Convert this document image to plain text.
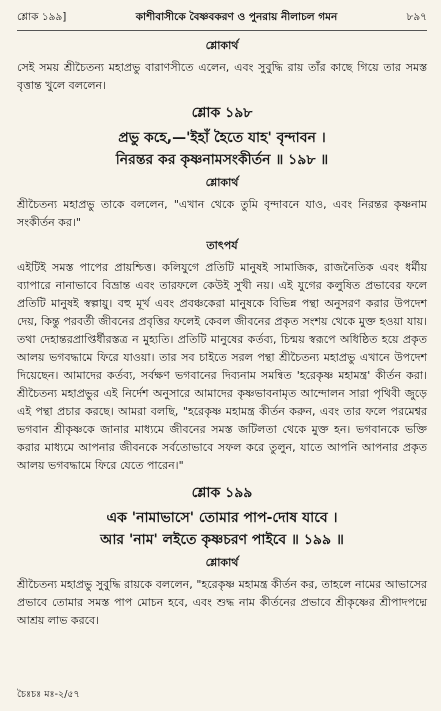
শ্লোক ১৯৯]	কাশীবাসীকে বৈষ্ণবকরণ ও পুনরায় নীলাচল গমন	৮৯৭
শ্লোকার্থ

সেই সময় শ্রীচৈতন্য মহাপ্রভু বারাণসীতে এলেন, এবং সুবুদ্ধি রায় তাঁর কাছে গিয়ে তার সমস্ত বৃত্তান্ত খুলে বললেন।

শ্লোক ১৯৮
প্রভু কহে,—'ইহাঁ হৈতে যাহ' বৃন্দাবন ।
নিরন্তর কর কৃষ্ণনামসংকীর্তন ॥ ১৯৮ ॥
শ্লোকার্থ

শ্রীচৈতন্য মহাপ্রভু তাকে বললেন, "এখান থেকে তুমি বৃন্দাবনে যাও, এবং নিরন্তর কৃষ্ণনাম সংকীর্তন কর।"

তাৎপর্য

এইটিই সমস্ত পাপের প্রায়শ্চিত্ত। কলিযুগে প্রতিটি মানুষই সামাজিক, রাজনৈতিক এবং ধর্মীয় ব্যাপারে নানাভাবে বিভ্রান্ত এবং তারফলে কেউই সুখী নয়। এই যুগের কলুষিত প্রভাবের ফলে প্রতিটি মানুষই স্বল্পায়ু। বহু মূর্খ এবং প্রবঞ্চকেরা মানুষকে বিভিন্ন পন্থা অনুসরণ করার উপদেশ দেয়, কিন্তু পরবর্তী জীবনের প্রবৃত্তির ফলেই কেবল জীবনের প্রকৃত সংশয় থেকে মুক্ত হওয়া যায়। তথা দেহান্তরপ্রাপ্তির্ধীরস্তত্র ন মুহ্যতি। প্রতিটি মানুষের কর্তব্য, চিন্ময় স্বরূপে অধিষ্ঠিত হয়ে প্রকৃত আলয় ভগবদ্ধামে ফিরে যাওয়া। তার সব চাইতে সরল পন্থা শ্রীচৈতন্য মহাপ্রভু এখানে উপদেশ দিয়েছেন। আমাদের কর্তব্য, সর্বক্ষণ ভগবানের দিব্যনাম সমন্বিত 'হরেকৃষ্ণ মহামন্ত্র' কীর্তন করা। শ্রীচৈতন্য মহাপ্রভুর এই নির্দেশ অনুসারে আমাদের কৃষ্ণভাবনামৃত আন্দোলন সারা পৃথিবী জুড়ে এই পন্থা প্রচার করছে। আমরা বলছি, "হরেকৃষ্ণ মহামন্ত্র কীর্তন করুন, এবং তার ফলে পরমেশ্বর ভগবান শ্রীকৃষ্ণকে জানার মাধ্যমে জীবনের সমস্ত জটিলতা থেকে মুক্ত হন। ভগবানকে ভক্তি করার মাধ্যমে আপনার জীবনকে সর্বতোভাবে সফল করে তুলুন, যাতে আপনি আপনার প্রকৃত আলয় ভগবদ্ধামে ফিরে যেতে পারেন।"

শ্লোক ১৯৯
এক 'নামাভাসে' তোমার পাপ-দোষ যাবে ।
আর 'নাম' লইতে কৃষ্ণচরণ পাইবে ॥ ১৯৯ ॥
শ্লোকার্থ

শ্রীচৈতন্য মহাপ্রভু সুবুদ্ধি রায়কে বললেন, "হরেকৃষ্ণ মহামন্ত্র কীর্তন কর, তাহলে নামের আভাসের প্রভাবে তোমার সমস্ত পাপ মোচন হবে, এবং শুদ্ধ নাম কীর্তনের প্রভাবে শ্রীকৃষ্ণের শ্রীপাদপদ্মে আশ্রয় লাভ করবে।

চৈঃচঃ মঃ-২/৫৭
